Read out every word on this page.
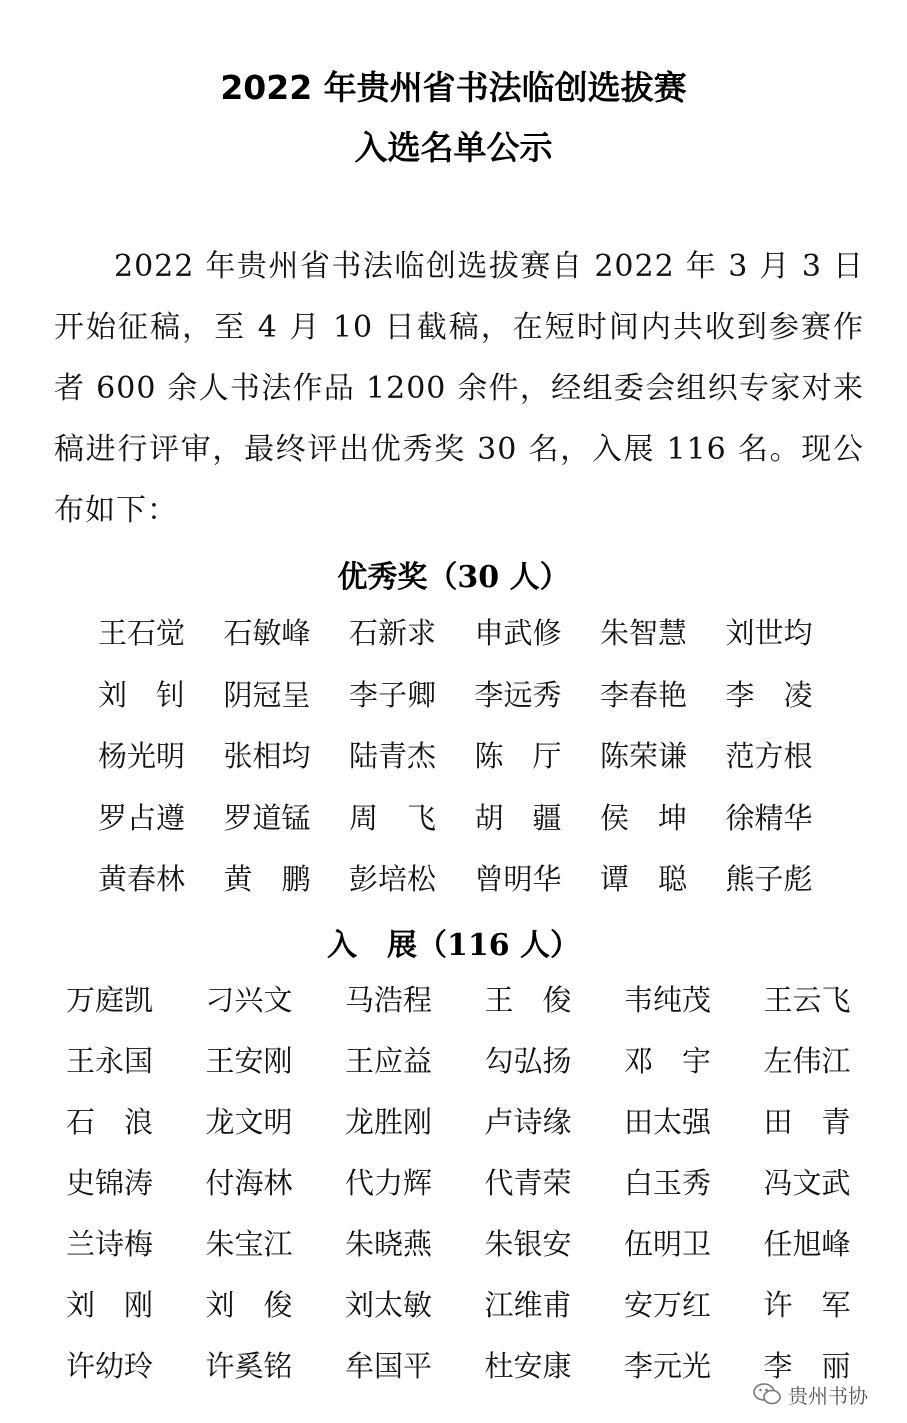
2022 年贵州省书法临创选拔赛
入选名单公示

2022 年贵州省书法临创选拔赛自 2022 年 3 月 3 日开始征稿，至 4 月 10 日截稿，在短时间内共收到参赛作者 600 余人书法作品 1200 余件，经组委会组织专家对来稿进行评审，最终评出优秀奖 30 名，入展 116 名。现公布如下：

优秀奖（30 人）
王石觉 石敏峰 石新求 申武修 朱智慧 刘世均
刘　钊 阴冠呈 李子卿 李远秀 李春艳 李　凌
杨光明 张相均 陆青杰 陈　厅 陈荣谦 范方根
罗占遵 罗道锰 周　飞 胡　疆 侯　坤 徐精华
黄春林 黄　鹏 彭培松 曾明华 谭　聪 熊子彪
入　展（116 人）
万庭凯 刁兴文 马浩程 王　俊 韦纯茂 王云飞
王永国 王安刚 王应益 勾弘扬 邓　宇 左伟江
石　浪 龙文明 龙胜刚 卢诗缘 田太强 田　青
史锦涛 付海林 代力辉 代青荣 白玉秀 冯文武
兰诗梅 朱宝江 朱晓燕 朱银安 伍明卫 任旭峰
刘　刚 刘　俊 刘太敏 江维甫 安万红 许　军
许幼玲 许奚铭 牟国平 杜安康 李元光 李　丽
贵州书协
